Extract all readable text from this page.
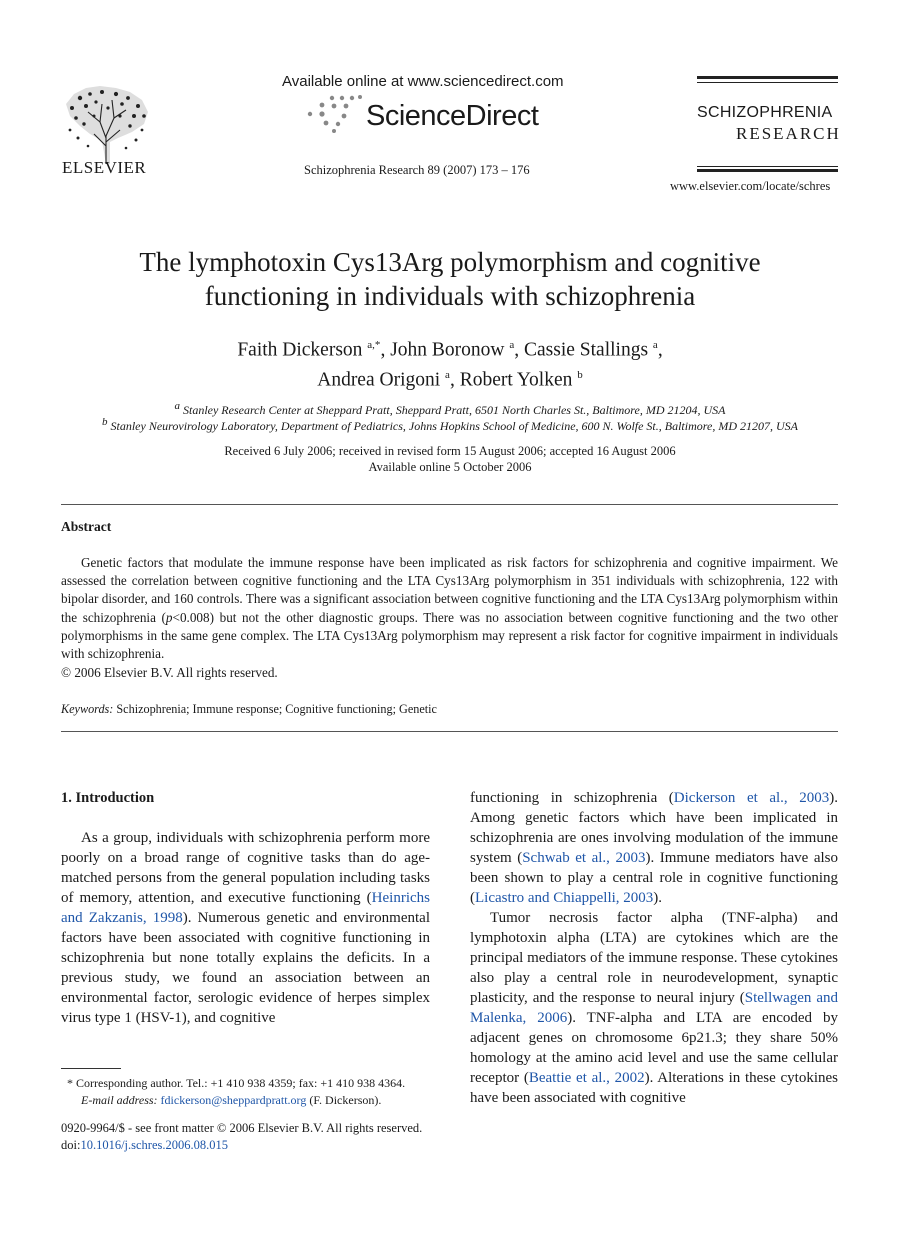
ELSEVIER
Available online at www.sciencedirect.com
ScienceDirect
Schizophrenia Research 89 (2007) 173 – 176
SCHIZOPHRENIA
RESEARCH
www.elsevier.com/locate/schres
The lymphotoxin Cys13Arg polymorphism and cognitive
functioning in individuals with schizophrenia
Faith Dickerson $^{a,*}$, John Boronow $^a$, Cassie Stallings $^a$,
Andrea Origoni $^a$, Robert Yolken $^b$
$^a$ Stanley Research Center at Sheppard Pratt, Sheppard Pratt, 6501 North Charles St., Baltimore, MD 21204, USA
$^b$ Stanley Neurovirology Laboratory, Department of Pediatrics, Johns Hopkins School of Medicine, 600 N. Wolfe St., Baltimore, MD 21207, USA
Received 6 July 2006; received in revised form 15 August 2006; accepted 16 August 2006
Available online 5 October 2006
Abstract

Genetic factors that modulate the immune response have been implicated as risk factors for schizophrenia and cognitive impairment. We assessed the correlation between cognitive functioning and the LTA Cys13Arg polymorphism in 351 individuals with schizophrenia, 122 with bipolar disorder, and 160 controls. There was a significant association between cognitive functioning and the LTA Cys13Arg polymorphism within the schizophrenia (p<0.008) but not the other diagnostic groups. There was no association between cognitive functioning and the two other polymorphisms in the same gene complex. The LTA Cys13Arg polymorphism may represent a risk factor for cognitive impairment in individuals with schizophrenia.

© 2006 Elsevier B.V. All rights reserved.
Keywords: Schizophrenia; Immune response; Cognitive functioning; Genetic
1. Introduction

As a group, individuals with schizophrenia perform more poorly on a broad range of cognitive tasks than do age-matched persons from the general population including tasks of memory, attention, and executive functioning (Heinrichs and Zakzanis, 1998). Numerous genetic and environmental factors have been associated with cognitive functioning in schizophrenia but none totally explains the deficits. In a previous study, we found an association between an environmental factor, serologic evidence of herpes simplex virus type 1 (HSV-1), and cognitive

functioning in schizophrenia (Dickerson et al., 2003). Among genetic factors which have been implicated in schizophrenia are ones involving modulation of the immune system (Schwab et al., 2003). Immune mediators have also been shown to play a central role in cognitive functioning (Licastro and Chiappelli, 2003).

Tumor necrosis factor alpha (TNF-alpha) and lymphotoxin alpha (LTA) are cytokines which are the principal mediators of the immune response. These cytokines also play a central role in neurodevelopment, synaptic plasticity, and the response to neural injury (Stellwagen and Malenka, 2006). TNF-alpha and LTA are encoded by adjacent genes on chromosome 6p21.3; they share 50% homology at the amino acid level and use the same cellular receptor (Beattie et al., 2002). Alterations in these cytokines have been associated with cognitive

* Corresponding author. Tel.: +1 410 938 4359; fax: +1 410 938 4364.
E-mail address: fdickerson@sheppardpratt.org (F. Dickerson).
0920-9964/$ - see front matter © 2006 Elsevier B.V. All rights reserved.
doi:10.1016/j.schres.2006.08.015
